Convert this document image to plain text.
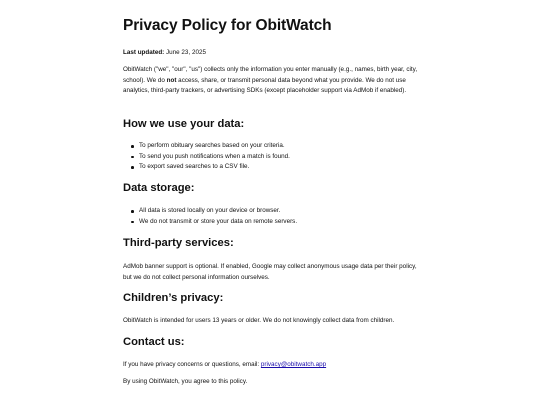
Privacy Policy for ObitWatch

Last updated: June 23, 2025

ObitWatch ("we", "our", "us") collects only the information you enter manually (e.g., names, birth year, city, school). We do not access, share, or transmit personal data beyond what you provide. We do not use analytics, third-party trackers, or advertising SDKs (except placeholder support via AdMob if enabled).

How we use your data:
To perform obituary searches based on your criteria.
To send you push notifications when a match is found.
To export saved searches to a CSV file.
Data storage:
All data is stored locally on your device or browser.
We do not transmit or store your data on remote servers.
Third-party services:

AdMob banner support is optional. If enabled, Google may collect anonymous usage data per their policy, but we do not collect personal information ourselves.

Children’s privacy:

ObitWatch is intended for users 13 years or older. We do not knowingly collect data from children.

Contact us:

If you have privacy concerns or questions, email: privacy@obitwatch.app

By using ObitWatch, you agree to this policy.
